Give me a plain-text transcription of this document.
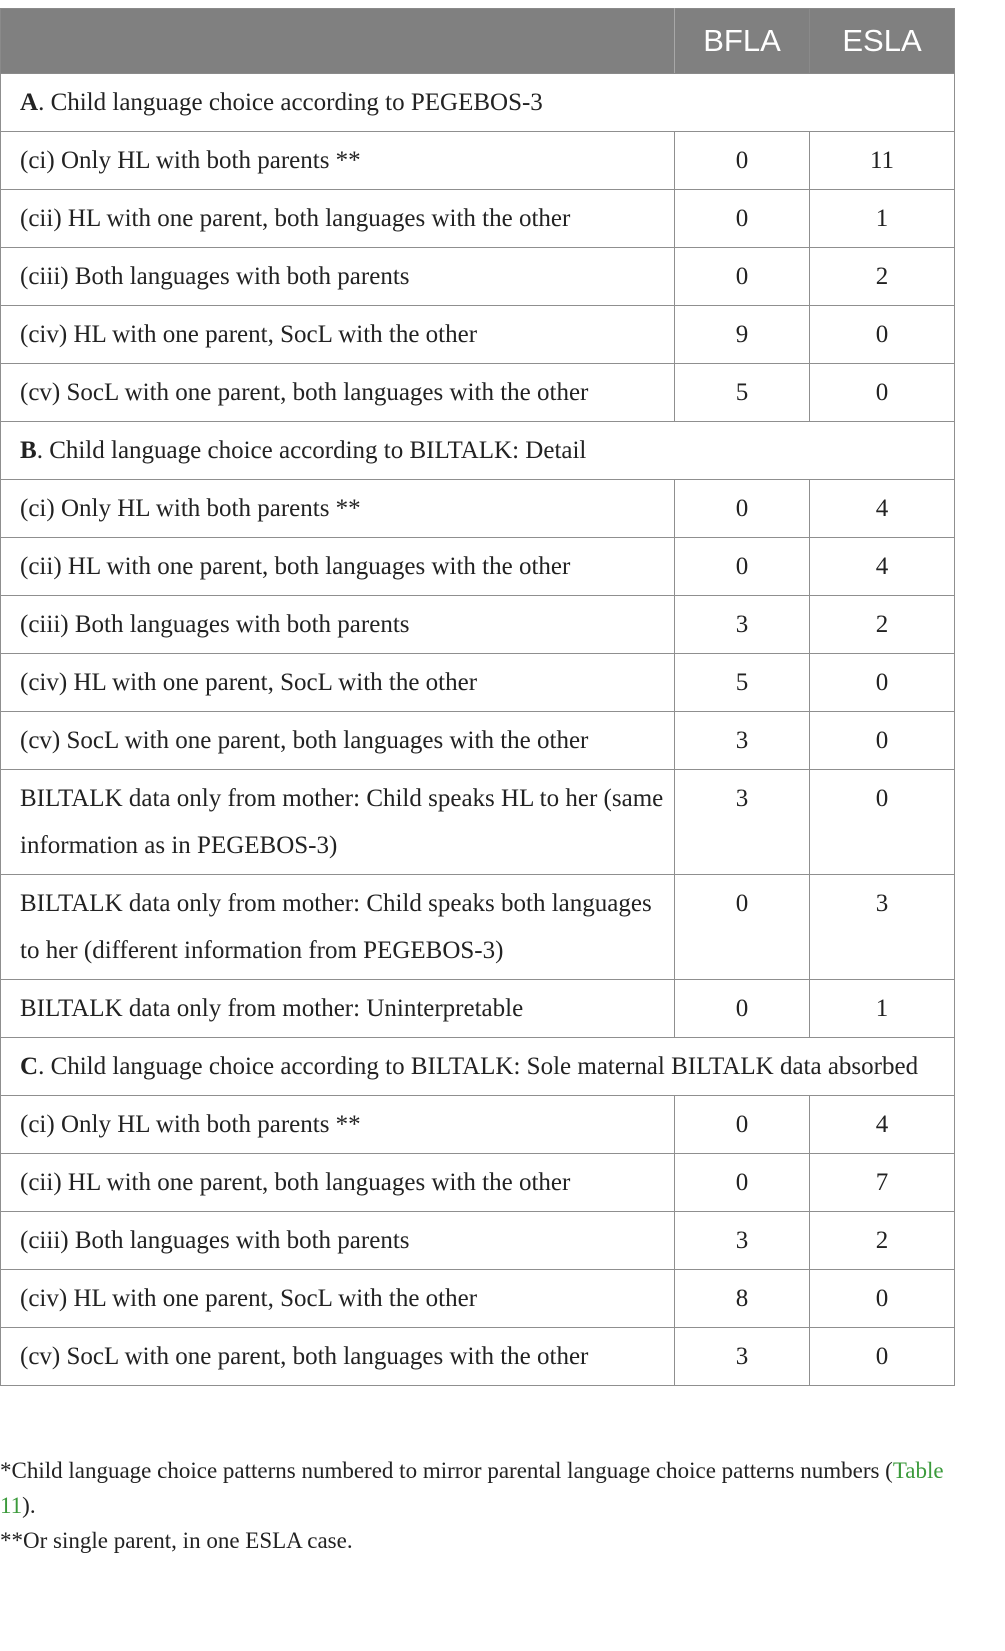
	BFLA	ESLA
A. Child language choice according to PEGEBOS-3		
(ci) Only HL with both parents **	0	11
(cii) HL with one parent, both languages with the other	0	1
(ciii) Both languages with both parents	0	2
(civ) HL with one parent, SocL with the other	9	0
(cv) SocL with one parent, both languages with the other	5	0
B. Child language choice according to BILTALK: Detail		
(ci) Only HL with both parents **	0	4
(cii) HL with one parent, both languages with the other	0	4
(ciii) Both languages with both parents	3	2
(civ) HL with one parent, SocL with the other	5	0
(cv) SocL with one parent, both languages with the other	3	0
BILTALK data only from mother: Child speaks HL to her (same information as in PEGEBOS-3)	3	0
BILTALK data only from mother: Child speaks both languages to her (different information from PEGEBOS-3)	0	3
BILTALK data only from mother: Uninterpretable	0	1
C. Child language choice according to BILTALK: Sole maternal BILTALK data absorbed		
(ci) Only HL with both parents **	0	4
(cii) HL with one parent, both languages with the other	0	7
(ciii) Both languages with both parents	3	2
(civ) HL with one parent, SocL with the other	8	0
(cv) SocL with one parent, both languages with the other	3	0

*Child language choice patterns numbered to mirror parental language choice patterns numbers (Table 11).

**Or single parent, in one ESLA case.
